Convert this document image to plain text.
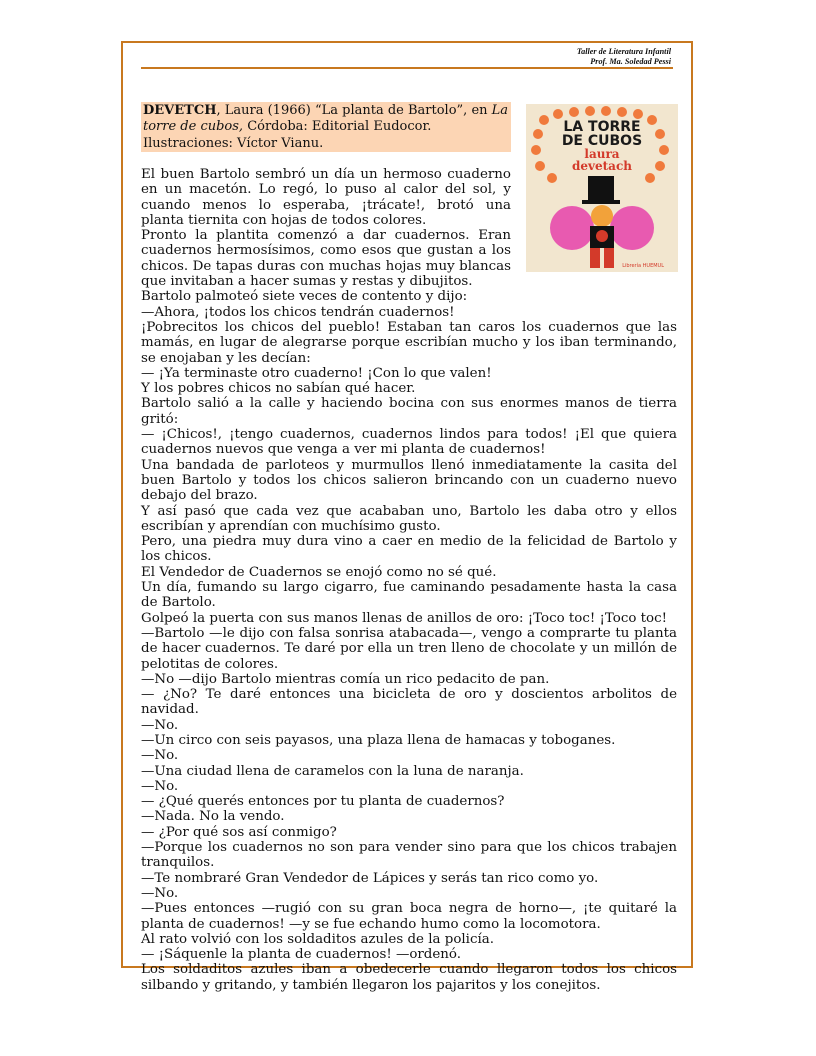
Taller de Literatura Infantil
Prof. Ma. Soledad Pessi
DEVETCH, Laura (1966) “La planta de Bartolo”, en La torre de cubos, Córdoba: Editorial Eudocor. Ilustraciones: Víctor Vianu.
LA TORRE
DE CUBOS
laura
devetach
Librería HUEMUL

El buen Bartolo sembró un día un hermoso cuaderno en un macetón. Lo regó, lo puso al calor del sol, y cuando menos lo esperaba, ¡trácate!, brotó una planta tiernita con hojas de todos colores.

Pronto la plantita comenzó a dar cuadernos. Eran cuadernos hermosísimos, como esos que gustan a los chicos. De tapas duras con muchas hojas muy blancas que invitaban a hacer sumas y restas y dibujitos.

Bartolo palmoteó siete veces de contento y dijo:

—Ahora, ¡todos los chicos tendrán cuadernos!

¡Pobrecitos los chicos del pueblo! Estaban tan caros los cuadernos que las mamás, en lugar de alegrarse porque escribían mucho y los iban terminando, se enojaban y les decían:

— ¡Ya terminaste otro cuaderno! ¡Con lo que valen!

Y los pobres chicos no sabían qué hacer.

Bartolo salió a la calle y haciendo bocina con sus enormes manos de tierra gritó:

— ¡Chicos!, ¡tengo cuadernos, cuadernos lindos para todos! ¡El que quiera cuadernos nuevos que venga a ver mi planta de cuadernos!

Una bandada de parloteos y murmullos llenó inmediatamente la casita del buen Bartolo y todos los chicos salieron brincando con un cuaderno nuevo debajo del brazo.

Y así pasó que cada vez que acababan uno, Bartolo les daba otro y ellos escribían y aprendían con muchísimo gusto.

Pero, una piedra muy dura vino a caer en medio de la felicidad de Bartolo y los chicos.

El Vendedor de Cuadernos se enojó como no sé qué.

Un día, fumando su largo cigarro, fue caminando pesadamente hasta la casa de Bartolo.

Golpeó la puerta con sus manos llenas de anillos de oro: ¡Toco toc! ¡Toco toc!

—Bartolo —le dijo con falsa sonrisa atabacada—, vengo a comprarte tu planta de hacer cuadernos. Te daré por ella un tren lleno de chocolate y un millón de pelotitas de colores.

—No —dijo Bartolo mientras comía un rico pedacito de pan.

— ¿No? Te daré entonces una bicicleta de oro y doscientos arbolitos de navidad.

—No.

—Un circo con seis payasos, una plaza llena de hamacas y toboganes.

—No.

—Una ciudad llena de caramelos con la luna de naranja.

—No.

— ¿Qué querés entonces por tu planta de cuadernos?

—Nada. No la vendo.

— ¿Por qué sos así conmigo?

—Porque los cuadernos no son para vender sino para que los chicos trabajen tranquilos.

—Te nombraré Gran Vendedor de Lápices y serás tan rico como yo.

—No.

—Pues entonces —rugió con su gran boca negra de horno—, ¡te quitaré la planta de cuadernos! —y se fue echando humo como la locomotora.

Al rato volvió con los soldaditos azules de la policía.

— ¡Sáquenle la planta de cuadernos! —ordenó.

Los soldaditos azules iban a obedecerle cuando llegaron todos los chicos silbando y gritando, y también llegaron los pajaritos y los conejitos.
